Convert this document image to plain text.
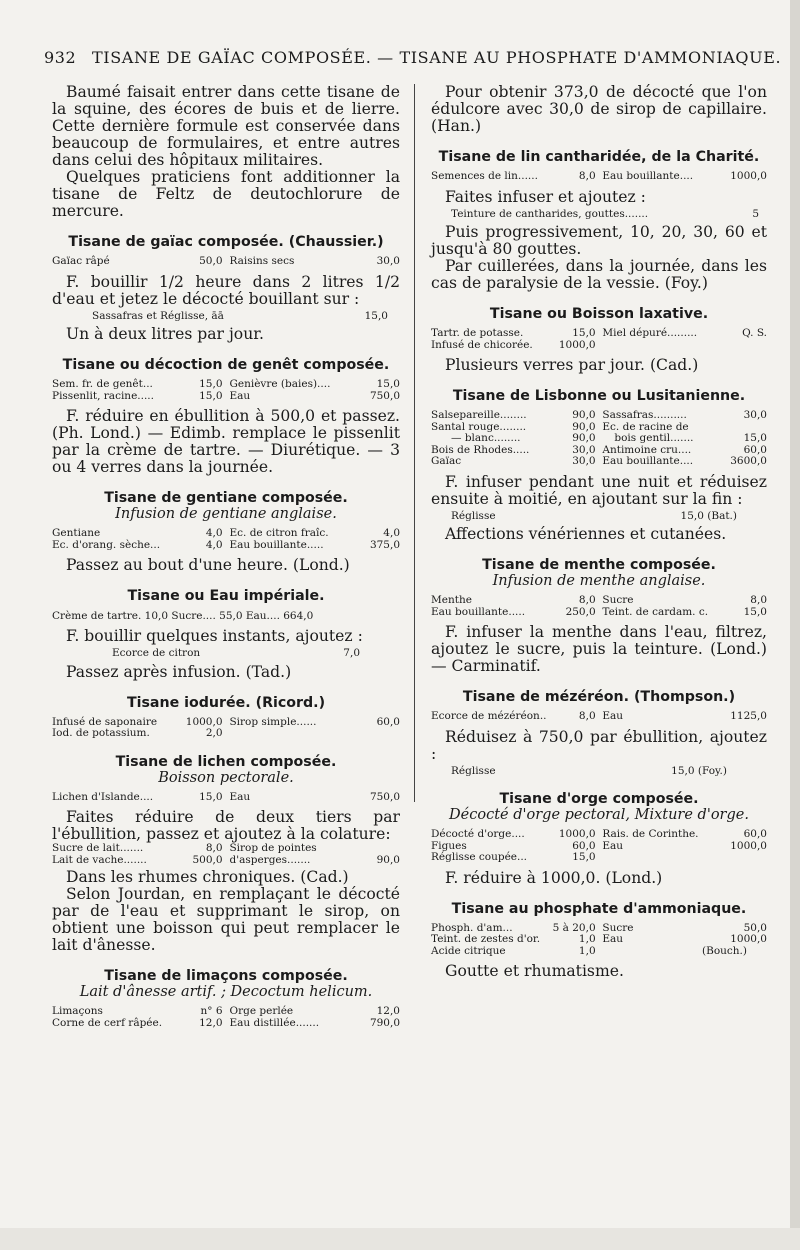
932 TISANE DE GAÏAC COMPOSÉE. — TISANE AU PHOSPHATE D'AMMONIAQUE.

Baumé faisait entrer dans cette tisane de la squine, des écores de buis et de lierre. Cette dernière formule est conservée dans beaucoup de formulaires, et entre autres dans celui des hôpitaux militaires.

Quelques praticiens font additionner la tisane de Feltz de deutochlorure de mercure.

Tisane de gaïac composée. (Chaussier.)

Gaïac râpé	50,0 Raisins secs	30,0

F. bouillir 1/2 heure dans 2 litres 1/2 d'eau et jetez le décocté bouillant sur :

Sassafras et Réglisse, āā	15,0

Un à deux litres par jour.

Tisane ou décoction de genêt composée.

Sem. fr. de genêt...	15,0 Genièvre (baies)....	15,0
Pissenlit, racine.....	15,0 Eau	750,0

F. réduire en ébullition à 500,0 et passez. (Ph. Lond.) — Edimb. remplace le pissenlit par la crème de tartre. — Diurétique. — 3 ou 4 verres dans la journée.

Tisane de gentiane composée.

Infusion de gentiane anglaise.

Gentiane	4,0 Ec. de citron fraîc.	4,0
Ec. d'orang. sèche...	4,0 Eau bouillante.....	375,0

Passez au bout d'une heure. (Lond.)

Tisane ou Eau impériale.

Crème de tartre. 10,0 Sucre.... 55,0 Eau.... 664,0

F. bouillir quelques instants, ajoutez :

Ecorce de citron	7,0

Passez après infusion. (Tad.)

Tisane iodurée. (Ricord.)

Infusé de saponaire	1000,0 Sirop simple......	60,0
Iod. de potassium.	2,0

Tisane de lichen composée.

Boisson pectorale.

Lichen d'Islande....	15,0 Eau	750,0

Faites réduire de deux tiers par l'ébullition, passez et ajoutez à la colature:

Sucre de lait.......	8,0 Sirop de pointes
Lait de vache.......	500,0 d'asperges.......	90,0

Dans les rhumes chroniques. (Cad.)

Selon Jourdan, en remplaçant le décocté par de l'eau et supprimant le sirop, on obtient une boisson qui peut remplacer le lait d'ânesse.

Tisane de limaçons composée.

Lait d'ânesse artif. ; Decoctum helicum.

Limaçons	n° 6 Orge perlée	12,0
Corne de cerf râpée.	12,0 Eau distillée.......	790,0

Pour obtenir 373,0 de décocté que l'on édulcore avec 30,0 de sirop de capillaire. (Han.)

Tisane de lin cantharidée, de la Charité.

Semences de lin......	8,0 Eau bouillante....	1000,0

Faites infuser et ajoutez :

Teinture de cantharides, gouttes.......	5

Puis progressivement, 10, 20, 30, 60 et jusqu'à 80 gouttes.

Par cuillerées, dans la journée, dans les cas de paralysie de la vessie. (Foy.)

Tisane ou Boisson laxative.

Tartr. de potasse.	15,0 Miel dépuré.........	Q. S.
Infusé de chicorée. 1000,0

Plusieurs verres par jour. (Cad.)

Tisane de Lisbonne ou Lusitanienne.

Salsepareille........	90,0 Sassafras..........	30,0
Santal rouge........	90,0 Ec. de racine de
— blanc........	90,0	bois gentil.......	15,0
Bois de Rhodes.....	30,0 Antimoine cru....	60,0
Gaïac	30,0 Eau bouillante....	3600,0

F. infuser pendant une nuit et réduisez ensuite à moitié, en ajoutant sur la fin :

Réglisse	15,0 (Bat.)

Affections vénériennes et cutanées.

Tisane de menthe composée.

Infusion de menthe anglaise.

Menthe	8,0 Sucre	8,0
Eau bouillante.....	250,0 Teint. de cardam. c.	15,0

F. infuser la menthe dans l'eau, filtrez, ajoutez le sucre, puis la teinture. (Lond.) — Carminatif.

Tisane de mézéréon. (Thompson.)

Ecorce de mézéréon..	8,0 Eau	1125,0

Réduisez à 750,0 par ébullition, ajoutez :

Réglisse	15,0 (Foy.)

Tisane d'orge composée.

Décocté d'orge pectoral, Mixture d'orge.

Décocté d'orge....	1000,0 Rais. de Corinthe.	60,0
Figues	60,0 Eau	1000,0
Réglisse coupée...	15,0

F. réduire à 1000,0. (Lond.)

Tisane au phosphate d'ammoniaque.

Phosph. d'am...	5 à 20,0 Sucre	50,0
Teint. de zestes d'or.	1,0 Eau	1000,0
Acide citrique	1,0	(Bouch.)

Goutte et rhumatisme.
